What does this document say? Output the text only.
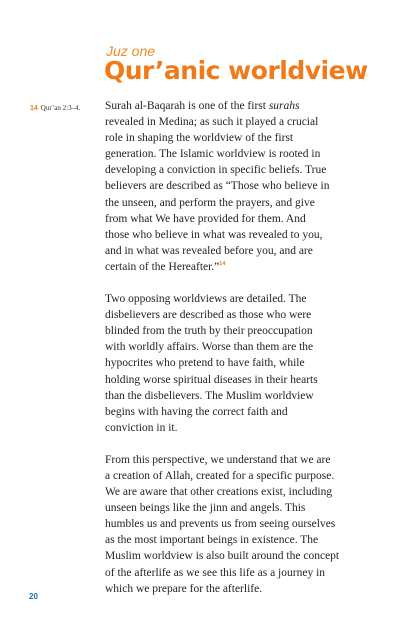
Juz one
Qur’anic worldview
14 Qur’an 2:3–4. Surah al-Baqarah is one of the first surahs
revealed in Medina; as such it played a crucial
role in shaping the worldview of the first
generation. The Islamic worldview is rooted in
developing a conviction in specific beliefs. True
believers are described as “Those who believe in
the unseen, and perform the prayers, and give
from what We have provided for them. And
those who believe in what was revealed to you,
and in what was revealed before you, and are
certain of the Hereafter.”$^{14}$

Two opposing worldviews are detailed. The
disbelievers are described as those who were
blinded from the truth by their preoccupation
with worldly affairs. Worse than them are the
hypocrites who pretend to have faith, while
holding worse spiritual diseases in their hearts
than the disbelievers. The Muslim worldview
begins with having the correct faith and
conviction in it.

From this perspective, we understand that we are
a creation of Allah, created for a specific purpose.
We are aware that other creations exist, including
unseen beings like the jinn and angels. This
humbles us and prevents us from seeing ourselves
as the most important beings in existence. The
Muslim worldview is also built around the concept
of the afterlife as we see this life as a journey in
which we prepare for the afterlife.

20
